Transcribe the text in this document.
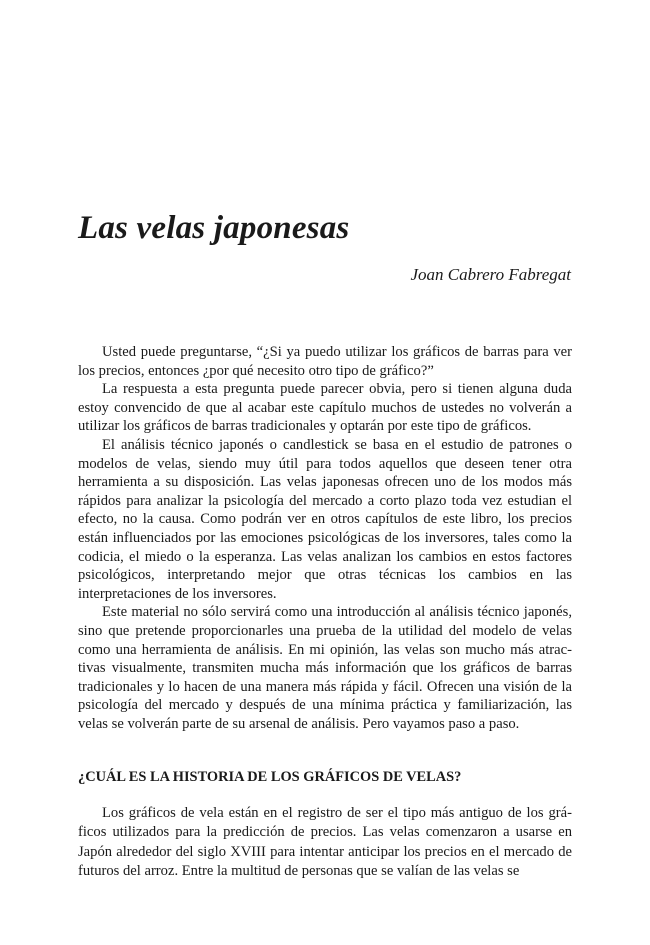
Las velas japonesas

Joan Cabrero Fabregat

Usted puede preguntarse, “¿Si ya puedo utilizar los gráficos de barras para ver los precios, entonces ¿por qué necesito otro tipo de gráfico?”

La respuesta a esta pregunta puede parecer obvia, pero si tienen alguna duda estoy convencido de que al acabar este capítulo muchos de ustedes no volverán a utilizar los gráficos de barras tradicionales y optarán por este tipo de gráficos.

El análisis técnico japonés o candlestick se basa en el estudio de patrones o modelos de velas, siendo muy útil para todos aquellos que deseen tener otra herramienta a su disposición. Las velas japonesas ofrecen uno de los modos más rápidos para analizar la psicología del mercado a corto plazo toda vez estudian el efecto, no la causa. Como podrán ver en otros capítulos de este libro, los precios están influenciados por las emociones psicológicas de los inversores, tales como la codicia, el miedo o la esperanza. Las velas analizan los cambios en estos factores psicológicos, interpretando mejor que otras técnicas los cambios en las interpretaciones de los inversores.

Este material no sólo servirá como una introducción al análisis técnico japonés, sino que pretende proporcionarles una prueba de la utilidad del modelo de velas como una herramienta de análisis. En mi opinión, las velas son mucho más atractivas visualmente, transmiten mucha más información que los gráficos de barras tradicionales y lo hacen de una manera más rápida y fácil. Ofrecen una visión de la psicología del mercado y después de una mínima práctica y familiarización, las velas se volverán parte de su arsenal de análisis. Pero vayamos paso a paso.

¿CUÁL ES LA HISTORIA DE LOS GRÁFICOS DE VELAS?

Los gráficos de vela están en el registro de ser el tipo más antiguo de los gráficos utilizados para la predicción de precios. Las velas comenzaron a usarse en Japón alrededor del siglo XVIII para intentar anticipar los precios en el mercado de futuros del arroz. Entre la multitud de personas que se valían de las velas se
